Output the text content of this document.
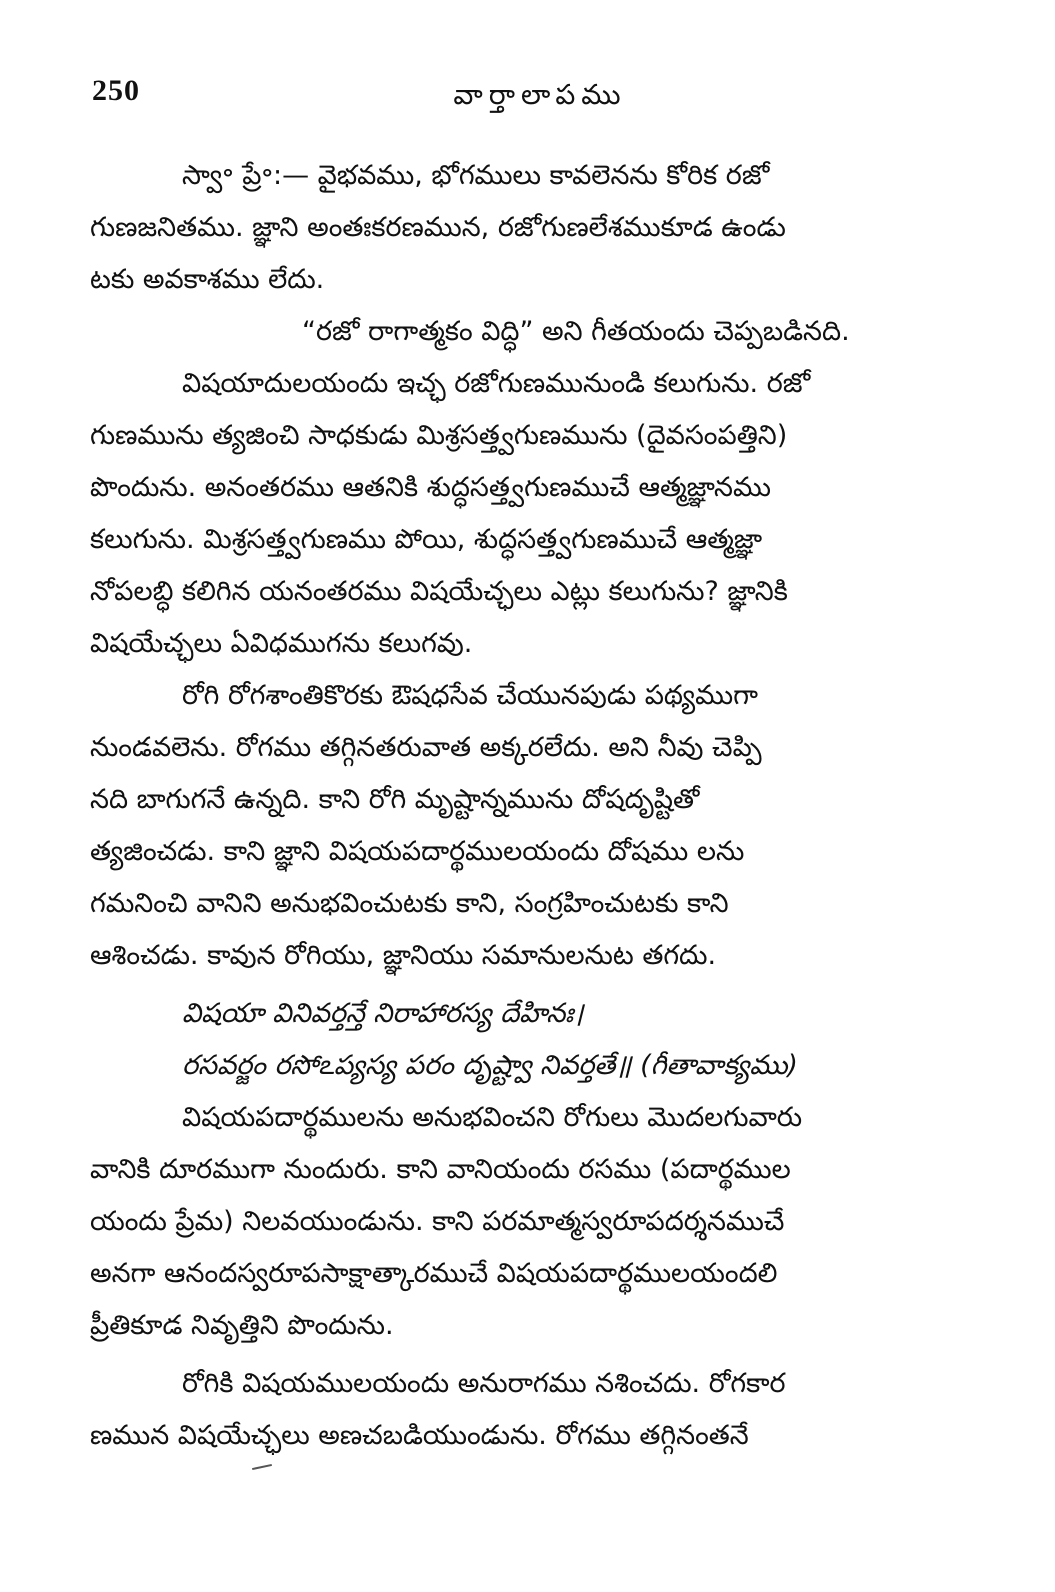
250	వార్తాలాపము
స్వా॰ ప్రే॰:— వైభవము, భోగములు కావలెనను కోరిక రజో
గుణజనితము. జ్ఞాని అంతఃకరణమున, రజోగుణలేశముకూడ ఉండు
టకు అవకాశము లేదు.
“రజో రాగాత్మకం విద్ధి” అని గీతయందు చెప్పబడినది.
విషయాదులయందు ఇచ్ఛ రజోగుణమునుండి కలుగును. రజో
గుణమును త్యజించి సాధకుడు మిశ్రసత్త్వగుణమును (దైవసంపత్తిని)
పొందును. అనంతరము ఆతనికి శుద్ధసత్త్వగుణముచే ఆత్మజ్ఞానము
కలుగును. మిశ్రసత్త్వగుణము పోయి, శుద్ధసత్త్వగుణముచే ఆత్మజ్ఞా
నోపలబ్ధి కలిగిన యనంతరము విషయేచ్ఛలు ఎట్లు కలుగును? జ్ఞానికి
విషయేచ్ఛలు ఏవిధముగను కలుగవు.
రోగి రోగశాంతికొరకు ఔషధసేవ చేయునపుడు పథ్యముగా
నుండవలెను. రోగము తగ్గినతరువాత అక్కరలేదు. అని నీవు చెప్పి
నది బాగుగనే ఉన్నది. కాని రోగి మృష్టాన్నమును దోషదృష్టితో
త్యజించడు. కాని జ్ఞాని విషయపదార్థములయందు దోషము లను
గమనించి వానిని అనుభవించుటకు కాని, సంగ్రహించుటకు కాని
ఆశించడు. కావున రోగియు, జ్ఞానియు సమానులనుట తగదు.
విషయా వినివర్తన్తే నిరాహారస్య దేహినః।
రసవర్జం రసోఽప్యస్య పరం దృష్ట్వా నివర్తతే॥ (గీతావాక్యము)
విషయపదార్థములను అనుభవించని రోగులు మొదలగువారు
వానికి దూరముగా నుందురు. కాని వానియందు రసము (పదార్థముల
యందు ప్రేమ) నిలవయుండును. కాని పరమాత్మస్వరూపదర్శనముచే
అనగా ఆనందస్వరూపసాక్షాత్కారముచే విషయపదార్థములయందలి
ప్రీతికూడ నివృత్తిని పొందును.
రోగికి విషయములయందు అనురాగము నశించదు. రోగకార
ణమున విషయేచ్ఛలు అణచబడియుండును. రోగము తగ్గినంతనే
